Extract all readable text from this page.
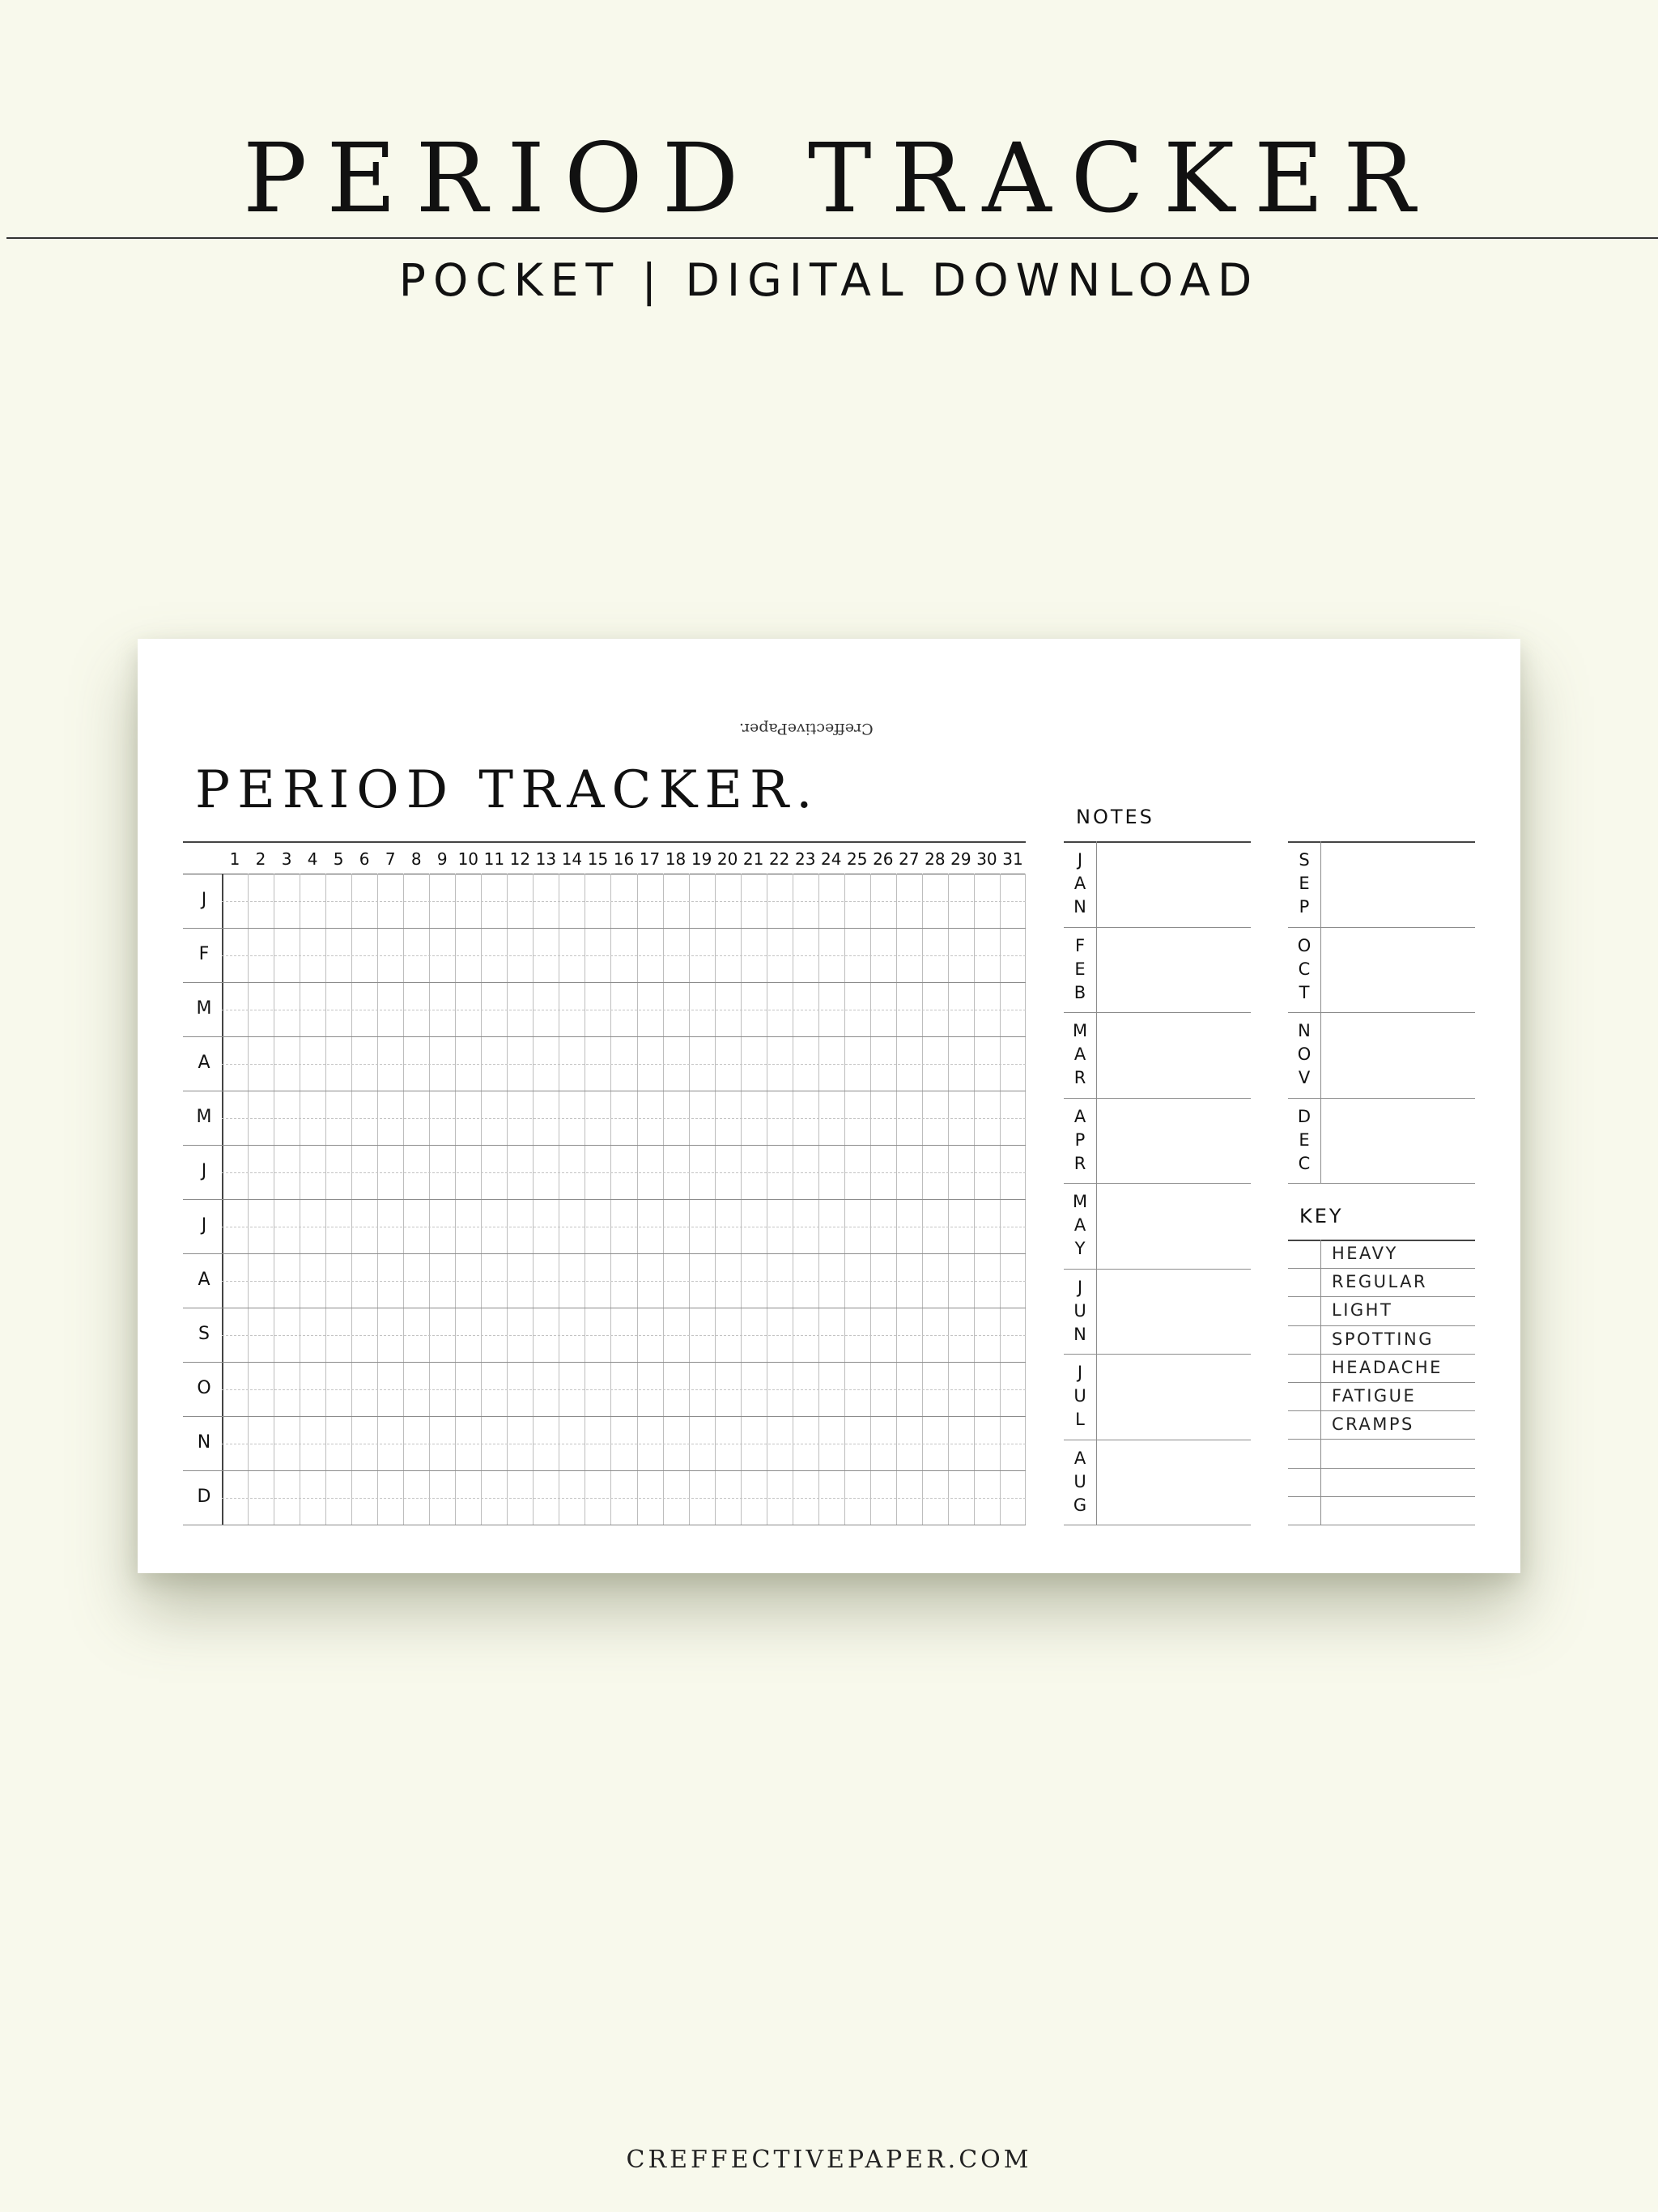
PERIOD TRACKER
POCKET | DIGITAL DOWNLOAD
CreffectivePaper.
PERIOD TRACKER.	NOTES
KEY
1 2 3 4 5 6 7 8 9 10 11 12 13 14 15 16 17 18 19 20 21 22 23 24 25 26 27 28 29 30 31
J
F
M
A
M
J
J
A
S
O
N
D
J
A
N
F
E
B
M
A
R
A
P
R
M
A
Y
J
U
N
J
U
L
A
U
G
S
E
P
O
C
T
N
O
V
D
E
C
HEAVY
REGULAR
LIGHT
SPOTTING
HEADACHE
FATIGUE
CRAMPS
CREFFECTIVEPAPER.COM
